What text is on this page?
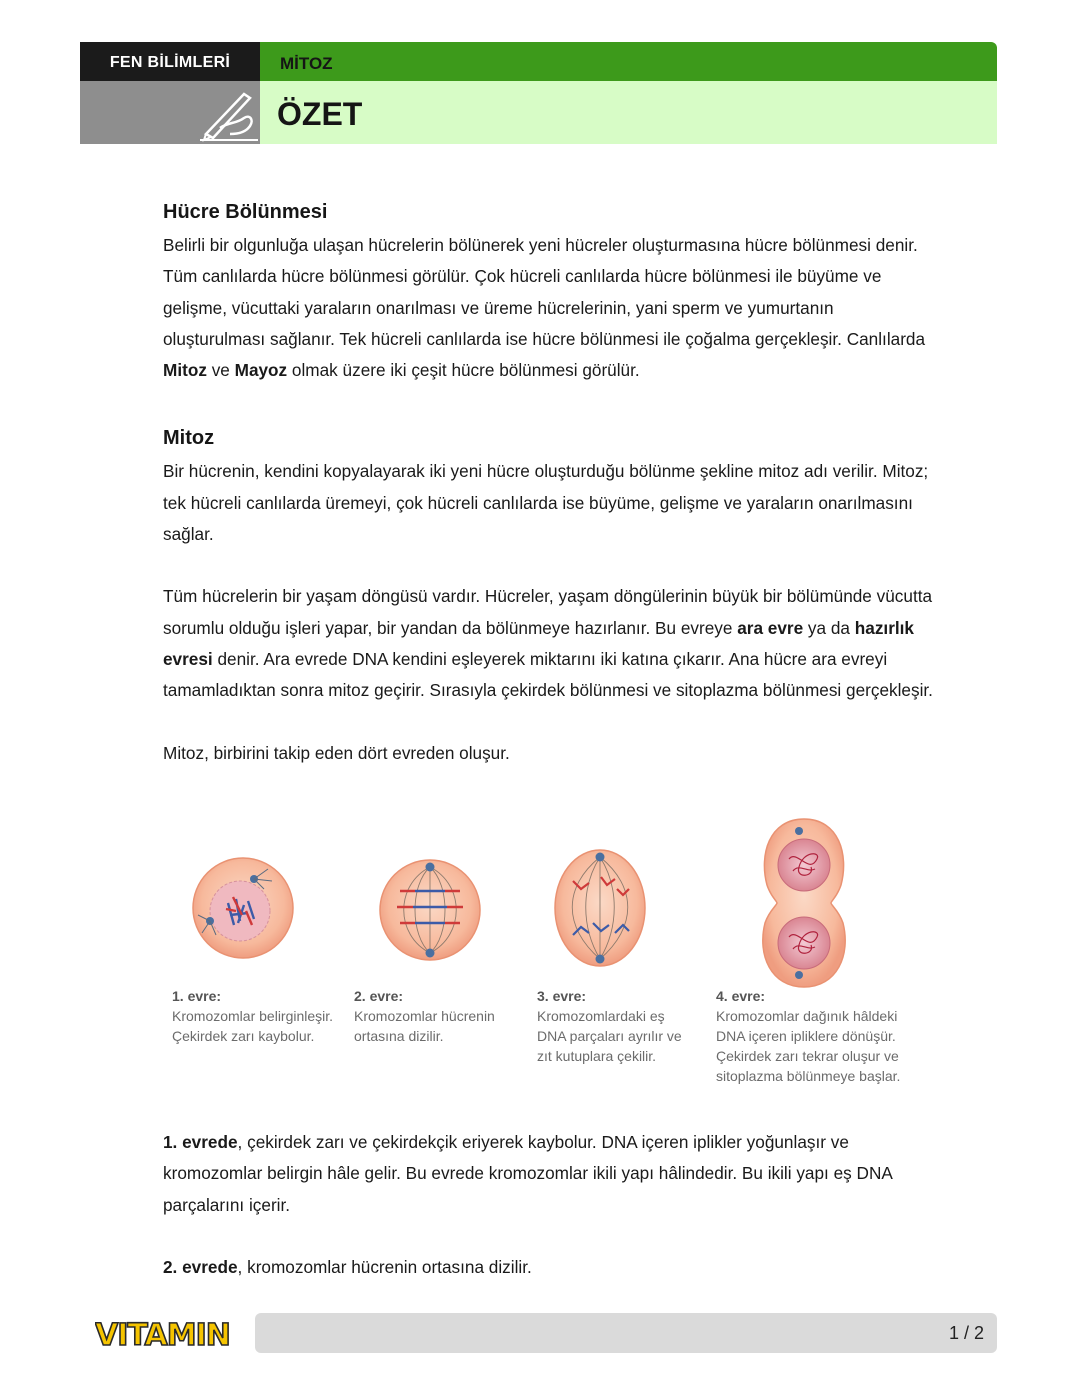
FEN BİLİMLERİ	MİTOZ
ÖZET
Hücre Bölünmesi

Belirli bir olgunluğa ulaşan hücrelerin bölünerek yeni hücreler oluşturmasına hücre bölünmesi denir. Tüm canlılarda hücre bölünmesi görülür. Çok hücreli canlılarda hücre bölünmesi ile büyüme ve gelişme, vücuttaki yaraların onarılması ve üreme hücrelerinin, yani sperm ve yumurtanın oluşturulması sağlanır. Tek hücreli canlılarda ise hücre bölünmesi ile çoğalma gerçekleşir. Canlılarda Mitoz ve Mayoz olmak üzere iki çeşit hücre bölünmesi görülür.

Mitoz

Bir hücrenin, kendini kopyalayarak iki yeni hücre oluşturduğu bölünme şekline mitoz adı verilir. Mitoz; tek hücreli canlılarda üremeyi, çok hücreli canlılarda ise büyüme, gelişme ve yaraların onarılmasını sağlar.

Tüm hücrelerin bir yaşam döngüsü vardır. Hücreler, yaşam döngülerinin büyük bir bölümünde vücutta sorumlu olduğu işleri yapar, bir yandan da bölünmeye hazırlanır. Bu evreye ara evre ya da hazırlık evresi denir. Ara evrede DNA kendini eşleyerek miktarını iki katına çıkarır. Ana hücre ara evreyi tamamladıktan sonra mitoz geçirir. Sırasıyla çekirdek bölünmesi ve sitoplazma bölünmesi gerçekleşir.

Mitoz, birbirini takip eden dört evreden oluşur.

1. evre:
Kromozomlar belirginleşir. Çekirdek zarı kaybolur.
2. evre:
Kromozomlar hücrenin ortasına dizilir.
3. evre:
Kromozomlardaki eş DNA parçaları ayrılır ve zıt kutuplara çekilir.
4. evre:
Kromozomlar dağınık hâldeki DNA içeren ipliklere dönüşür. Çekirdek zarı tekrar oluşur ve sitoplazma bölünmeye başlar.

1. evrede, çekirdek zarı ve çekirdekçik eriyerek kaybolur. DNA içeren iplikler yoğunlaşır ve kromozomlar belirgin hâle gelir. Bu evrede kromozomlar ikili yapı hâlindedir. Bu ikili yapı eş DNA parçalarını içerir.

2. evrede, kromozomlar hücrenin ortasına dizilir.

VITAMIN	1 / 2
